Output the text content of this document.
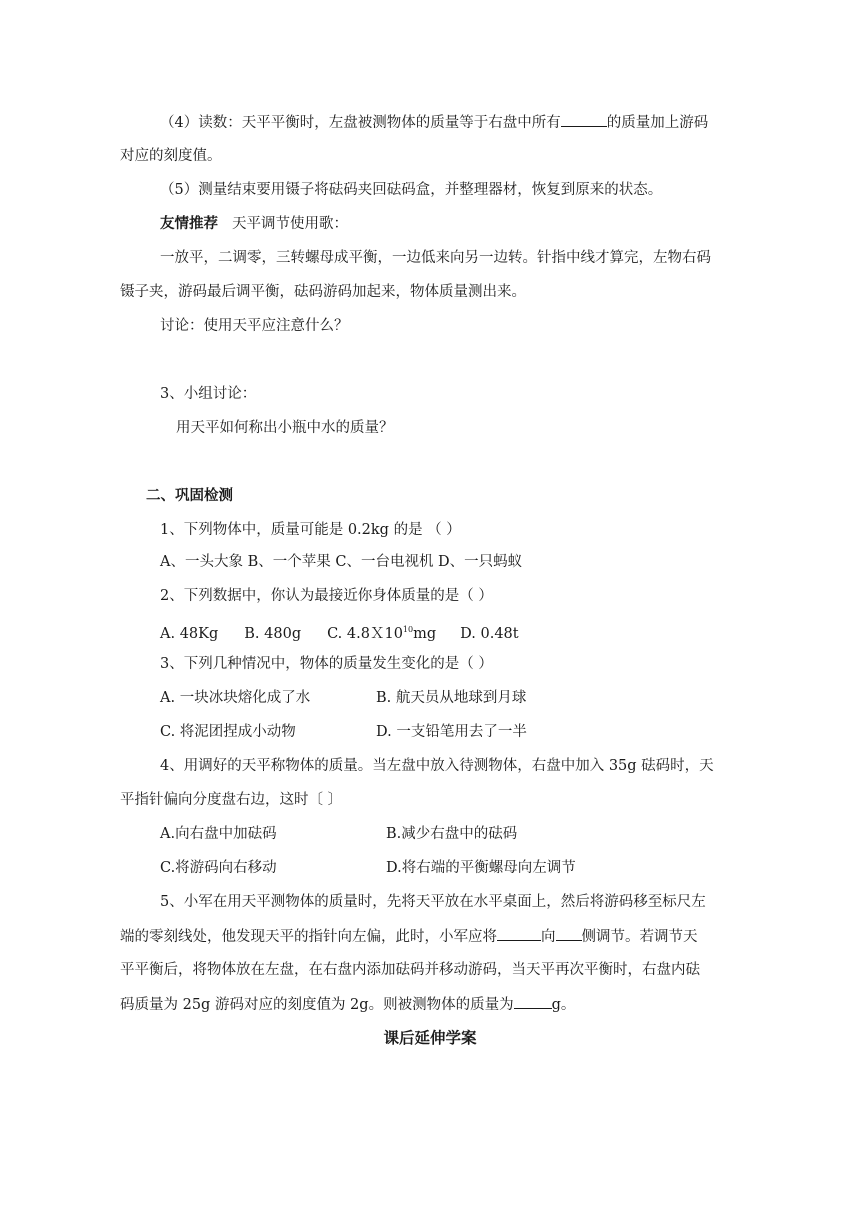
（4）读数：天平平衡时，左盘被测物体的质量等于右盘中所有	的质量加上游码
对应的刻度值。
（5）测量结束要用镊子将砝码夹回砝码盒，并整理器材，恢复到原来的状态。
友情推荐 天平调节使用歌：
一放平，二调零，三转螺母成平衡，一边低来向另一边转。针指中线才算完，左物右码
镊子夹，游码最后调平衡，砝码游码加起来，物体质量测出来。
讨论：使用天平应注意什么？
3、小组讨论：
用天平如何称出小瓶中水的质量？
二、巩固检测
1、下列物体中，质量可能是 0.2kg 的是 （ ）
A、一头大象 B、一个苹果 C、一台电视机 D、一只蚂蚁
2、下列数据中，你认为最接近你身体质量的是（ ）
A. 48Kg B. 480g C. $4.8X10^{10}mg$ D. 0.48t
3、下列几种情况中，物体的质量发生变化的是（ ）
A. 一块冰块熔化成了水	B. 航天员从地球到月球
C. 将泥团捏成小动物	D. 一支铅笔用去了一半
4、用调好的天平称物体的质量。当左盘中放入待测物体，右盘中加入 35g 砝码时，天
平指针偏向分度盘右边，这时〔 〕
A.向右盘中加砝码	B.减少右盘中的砝码
C.将游码向右移动	D.将右端的平衡螺母向左调节
5、小军在用天平测物体的质量时，先将天平放在水平桌面上，然后将游码移至标尺左
端的零刻线处，他发现天平的指针向左偏，此时，小军应将	向 侧调节。若调节天
平平衡后，将物体放在左盘，在右盘内添加砝码并移动游码，当天平再次平衡时，右盘内砝
码质量为 25g 游码对应的刻度值为 2g。则被测物体的质量为	g。
课后延伸学案
